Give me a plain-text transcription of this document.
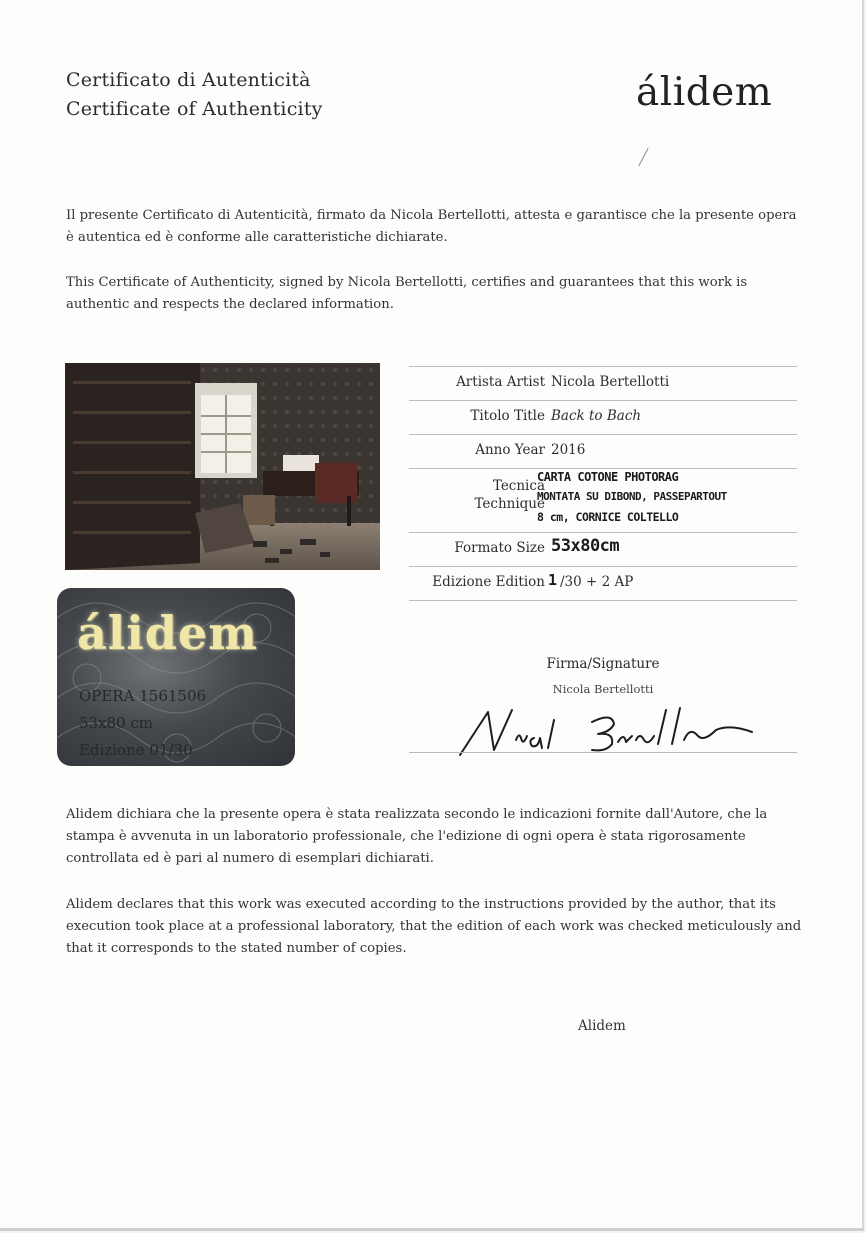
Certificato di Autenticità
Certificate of Authenticity	álidem
Il presente Certificato di Autenticità, firmato da Nicola Bertellotti, attesta e garantisce che la presente opera è autentica ed è conforme alle caratteristiche dichiarate.
This Certificate of Authenticity, signed by Nicola Bertellotti, certifies and guarantees that this work is authentic and respects the declared information.
álidem
OPERA 1561506
53x80 cm
Edizione 01/30
Artista Artist Nicola Bertellotti
Titolo Title Back to Bach
Anno Year 2016
Tecnica
Technique
CARTA COTONE PHOTORAG
MONTATA SU DIBOND, PASSEPARTOUT
8 cm, CORNICE COLTELLO
Formato Size 53x80cm
Edizione Edition 1 /30 + 2 AP
Firma/Signature
Nicola Bertellotti
Alidem dichiara che la presente opera è stata realizzata secondo le indicazioni fornite dall'Autore, che la stampa è avvenuta in un laboratorio professionale, che l'edizione di ogni opera è stata rigorosamente controllata ed è pari al numero di esemplari dichiarati.
Alidem declares that this work was executed according to the instructions provided by the author, that its execution took place at a professional laboratory, that the edition of each work was checked meticulously and that it corresponds to the stated number of copies.
Alidem
